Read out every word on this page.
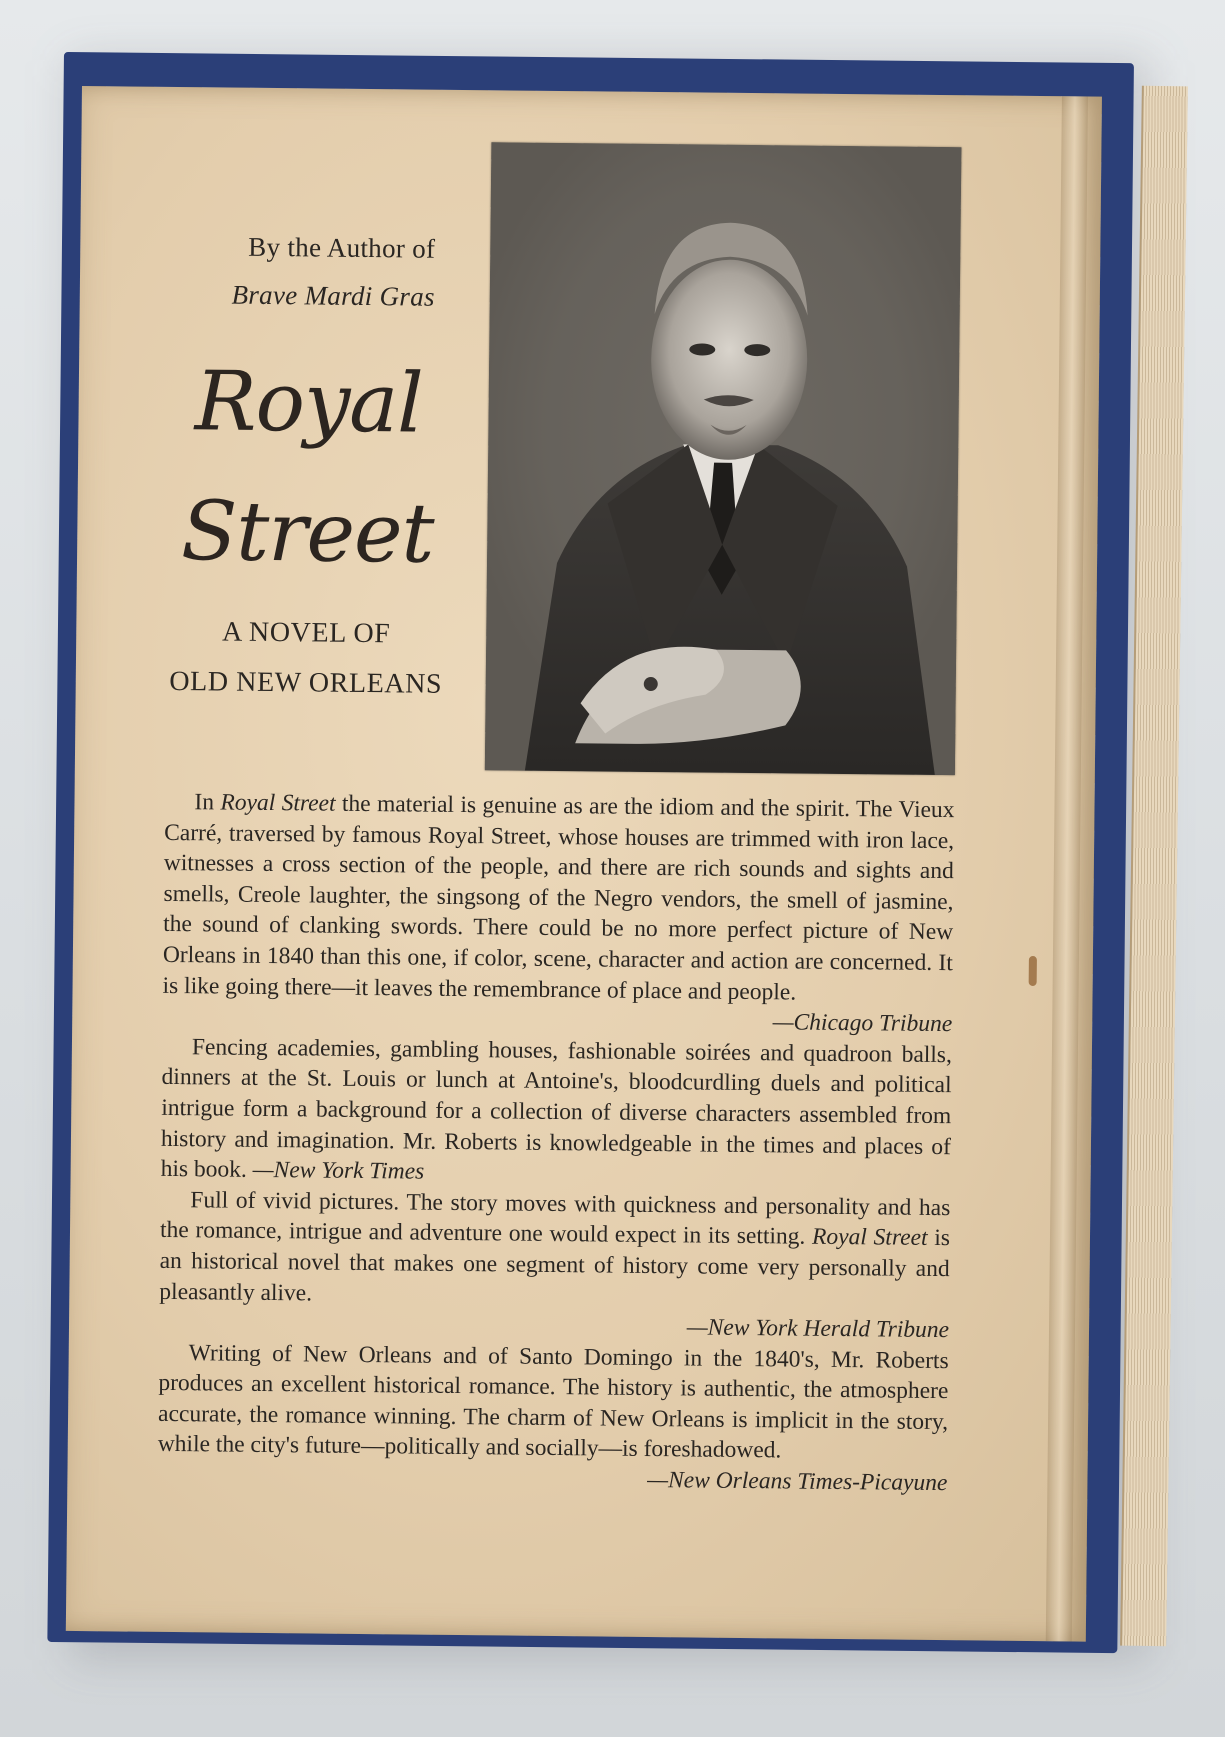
By the Author of
Brave Mardi Gras
Royal
Street
A NOVEL OF
OLD NEW ORLEANS

In Royal Street the material is genuine as are the idiom and the spirit. The Vieux Carré, traversed by famous Royal Street, whose houses are trimmed with iron lace, witnesses a cross section of the people, and there are rich sounds and sights and smells, Creole laughter, the singsong of the Negro vendors, the smell of jasmine, the sound of clanking swords. There could be no more perfect picture of New Orleans in 1840 than this one, if color, scene, character and action are concerned. It is like going there—it leaves the remembrance of place and people.

—Chicago Tribune

Fencing academies, gambling houses, fashionable soirées and quadroon balls, dinners at the St. Louis or lunch at Antoine's, bloodcurdling duels and political intrigue form a background for a collection of diverse characters assembled from history and imagination. Mr. Roberts is knowledgeable in the times and places of his book. —New York Times

Full of vivid pictures. The story moves with quickness and personality and has the romance, intrigue and adventure one would expect in its setting. Royal Street is an historical novel that makes one segment of history come very personally and pleasantly alive.

—New York Herald Tribune

Writing of New Orleans and of Santo Domingo in the 1840's, Mr. Roberts produces an excellent historical romance. The history is authentic, the atmosphere accurate, the romance winning. The charm of New Orleans is implicit in the story, while the city's future—politically and socially—is foreshadowed.

—New Orleans Times-Picayune
